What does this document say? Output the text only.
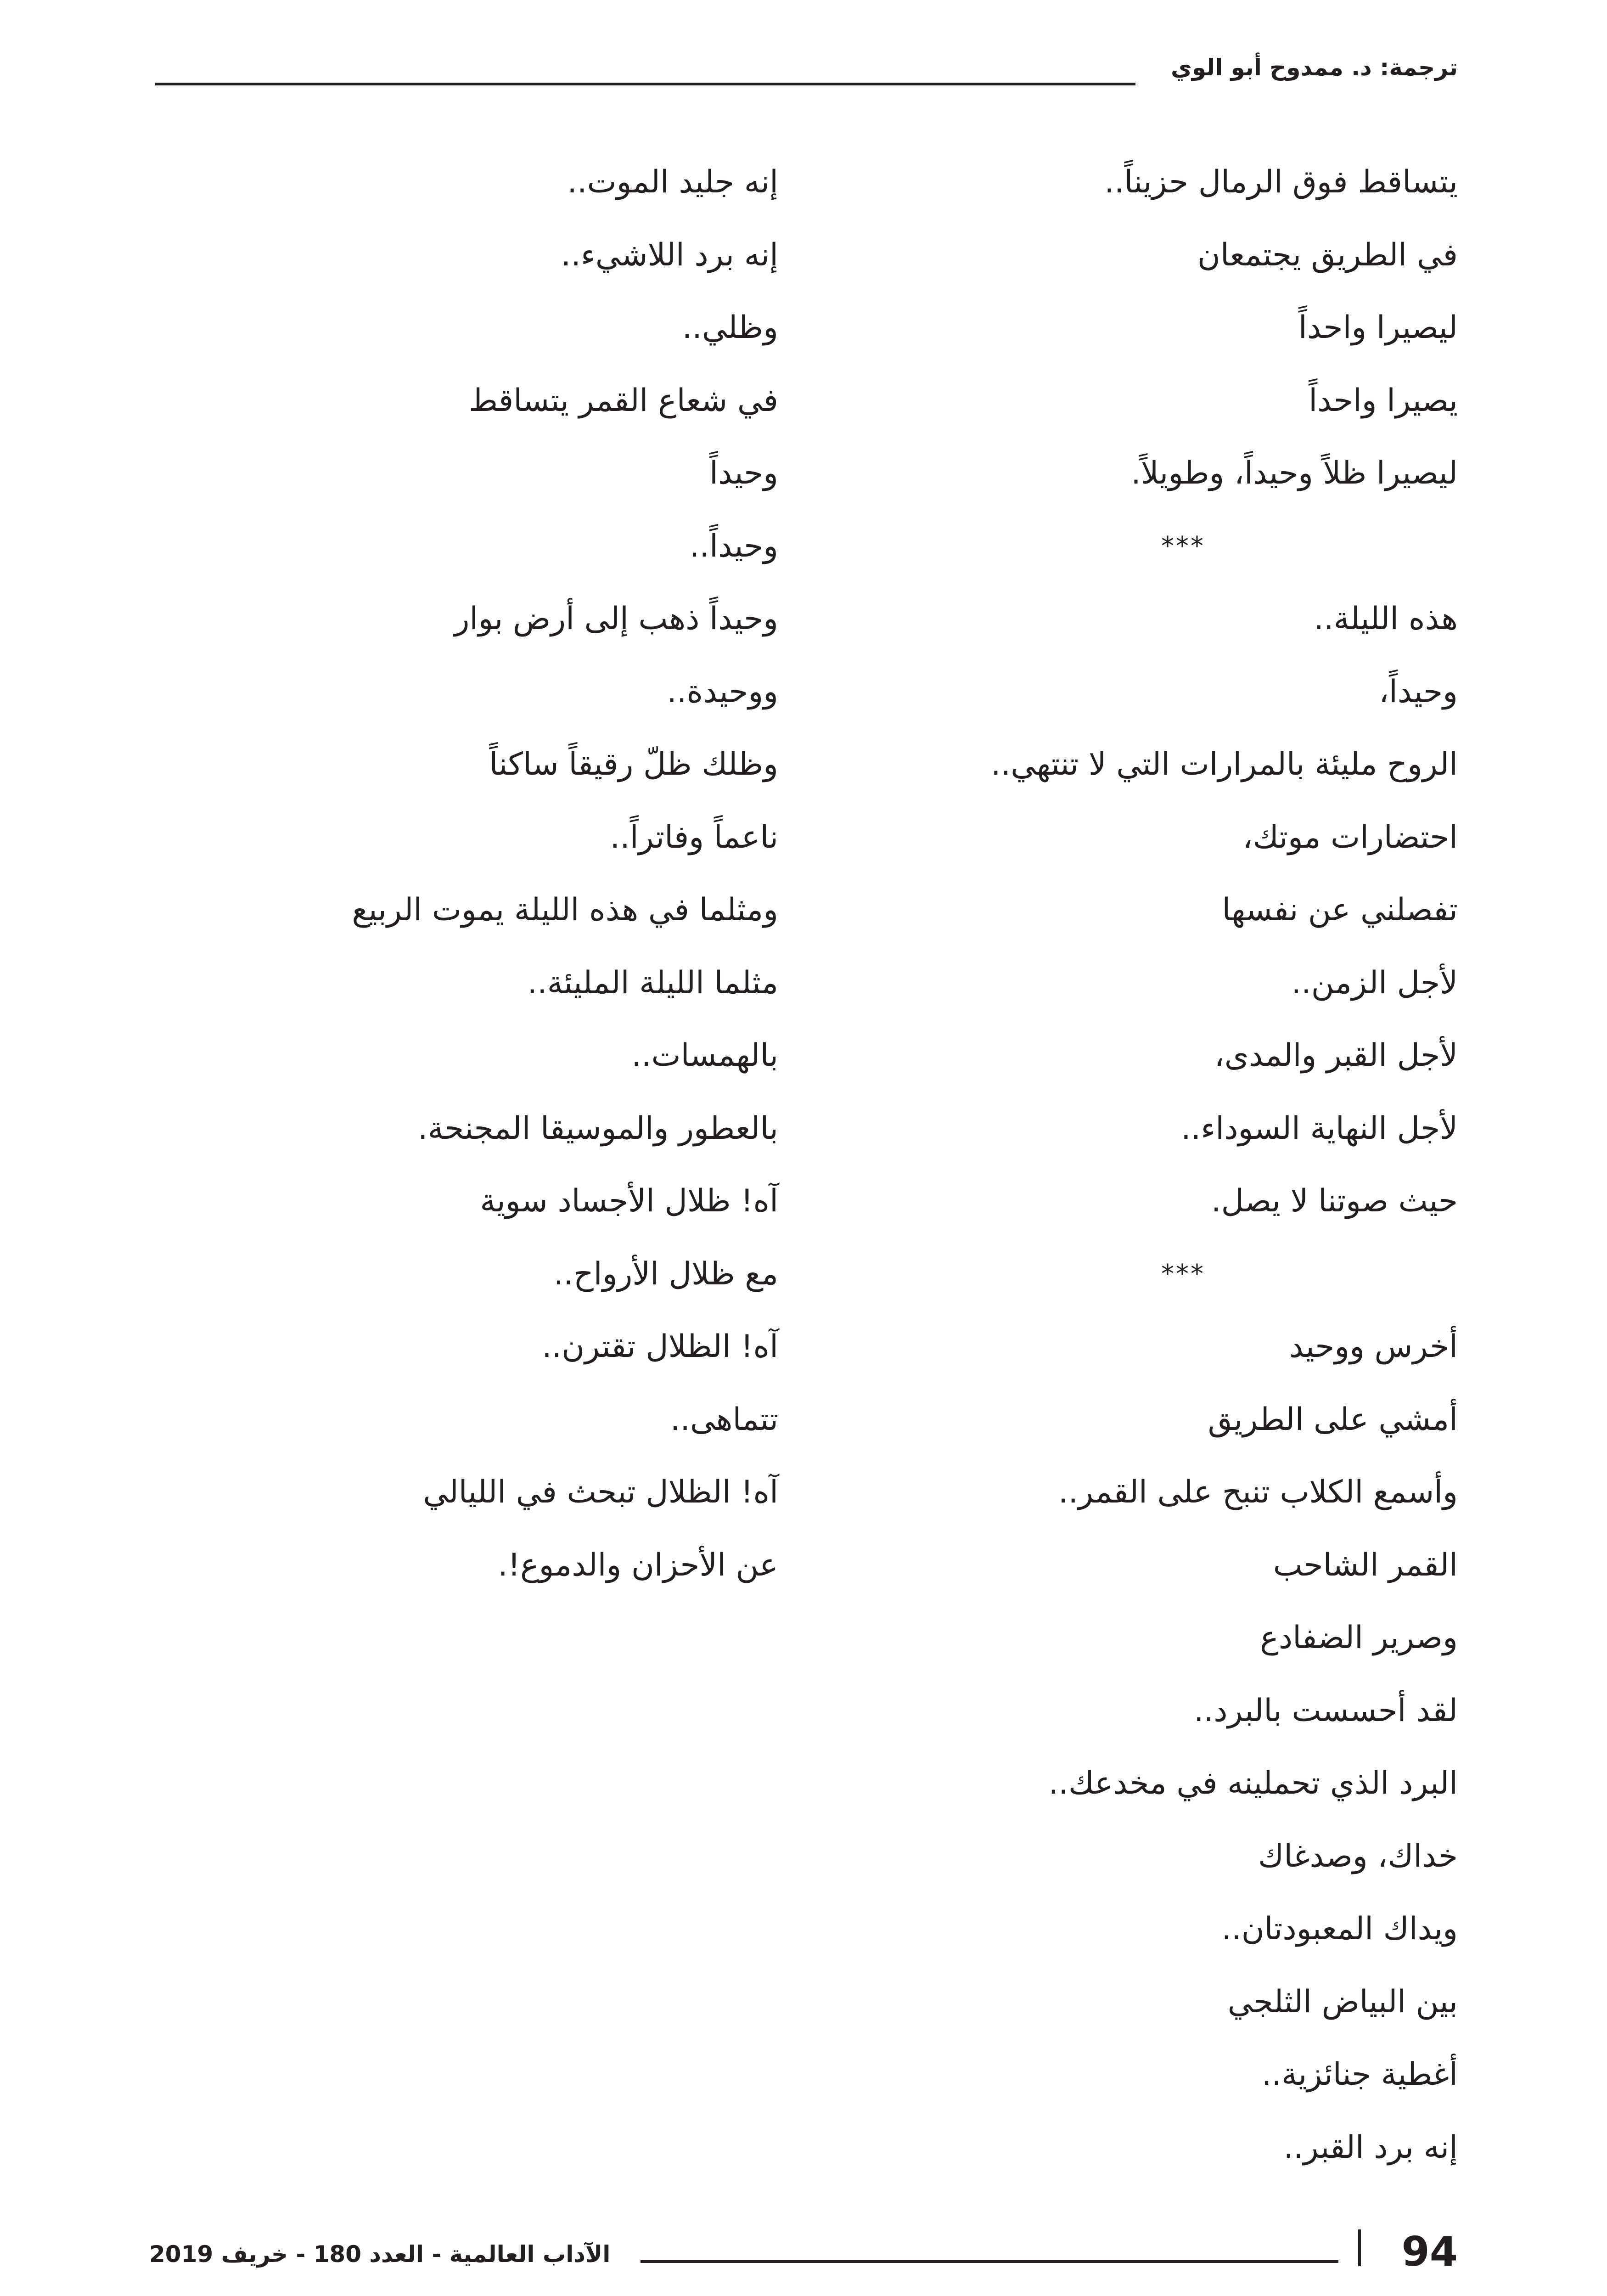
ترجمة: د. ممدوح أبو الوي
يتساقط فوق الرمال حزيناً..
في الطريق يجتمعان
ليصيرا واحداً
يصيرا واحداً
ليصيرا ظلاً وحيداً، وطويلاً.
***
هذه الليلة..
وحيداً،
الروح مليئة بالمرارات التي لا تنتهي..
احتضارات موتك،
تفصلني عن نفسها
لأجل الزمن..
لأجل القبر والمدى،
لأجل النهاية السوداء..
حيث صوتنا لا يصل.
***
أخرس ووحيد
أمشي على الطريق
وأسمع الكلاب تنبح على القمر..
القمر الشاحب
وصرير الضفادع
لقد أحسست بالبرد..
البرد الذي تحملينه في مخدعك..
خداك، وصدغاك
ويداك المعبودتان..
بين البياض الثلجي
أغطية جنائزية..
إنه برد القبر..
إنه جليد الموت..
إنه برد اللاشيء..
وظلي..
في شعاع القمر يتساقط
وحيداً
وحيداً..
وحيداً ذهب إلى أرض بوار
ووحيدة..
وظلك ظلّ رقيقاً ساكناً
ناعماً وفاتراً..
ومثلما في هذه الليلة يموت الربيع
مثلما الليلة المليئة..
بالهمسات..
بالعطور والموسيقا المجنحة.
آه! ظلال الأجساد سوية
مع ظلال الأرواح..
آه! الظلال تقترن..
تتماهى..
آه! الظلال تبحث في الليالي
عن الأحزان والدموع!.
94
الآداب العالمية - العدد 180 - خريف 2019
